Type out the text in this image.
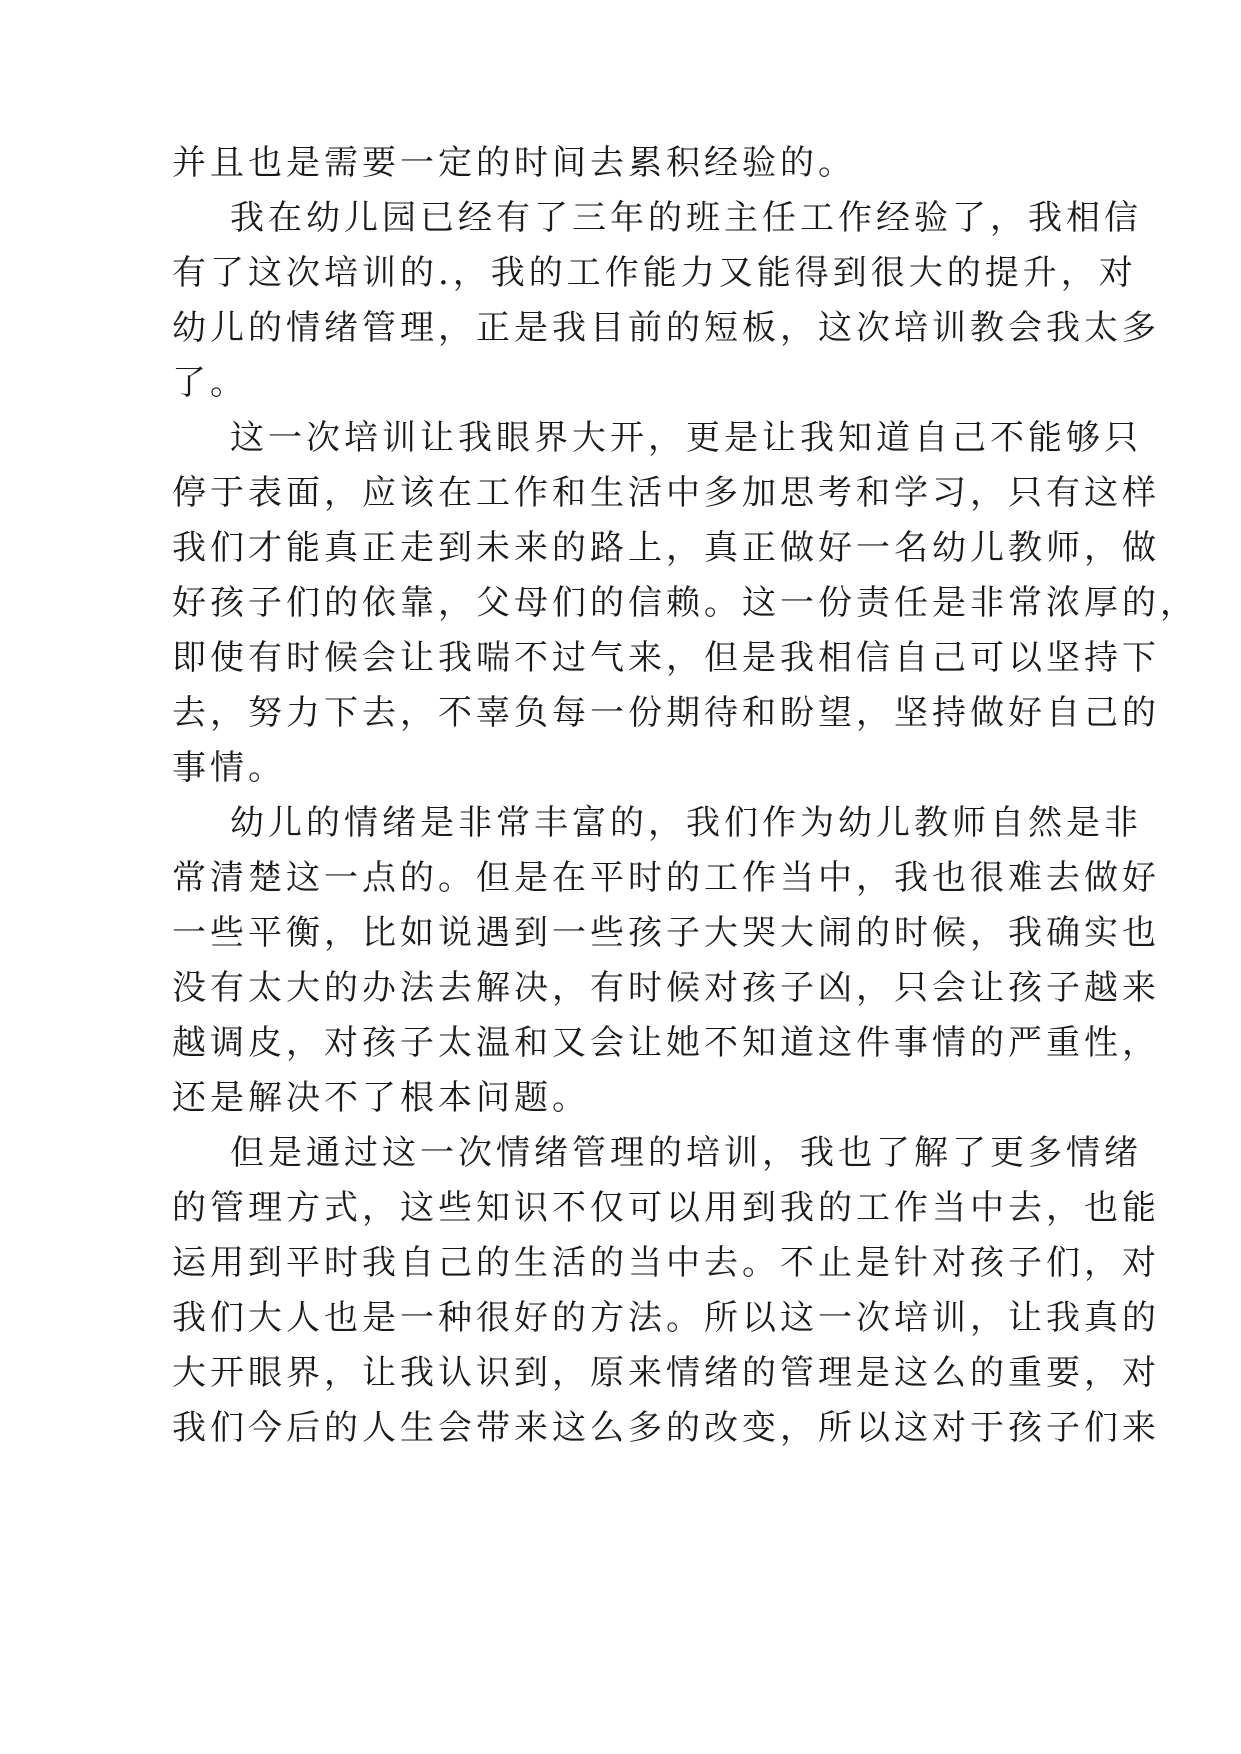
并且也是需要一定的时间去累积经验的。
我在幼儿园已经有了三年的班主任工作经验了，我相信
有了这次培训的.，我的工作能力又能得到很大的提升，对
幼儿的情绪管理，正是我目前的短板，这次培训教会我太多
了。
这一次培训让我眼界大开，更是让我知道自己不能够只
停于表面，应该在工作和生活中多加思考和学习，只有这样
我们才能真正走到未来的路上，真正做好一名幼儿教师，做
好孩子们的依靠，父母们的信赖。这一份责任是非常浓厚的，
即使有时候会让我喘不过气来，但是我相信自己可以坚持下
去，努力下去，不辜负每一份期待和盼望，坚持做好自己的
事情。
幼儿的情绪是非常丰富的，我们作为幼儿教师自然是非
常清楚这一点的。但是在平时的工作当中，我也很难去做好
一些平衡，比如说遇到一些孩子大哭大闹的时候，我确实也
没有太大的办法去解决，有时候对孩子凶，只会让孩子越来
越调皮，对孩子太温和又会让她不知道这件事情的严重性，
还是解决不了根本问题。
但是通过这一次情绪管理的培训，我也了解了更多情绪
的管理方式，这些知识不仅可以用到我的工作当中去，也能
运用到平时我自己的生活的当中去。不止是针对孩子们，对
我们大人也是一种很好的方法。所以这一次培训，让我真的
大开眼界，让我认识到，原来情绪的管理是这么的重要，对
我们今后的人生会带来这么多的改变，所以这对于孩子们来
